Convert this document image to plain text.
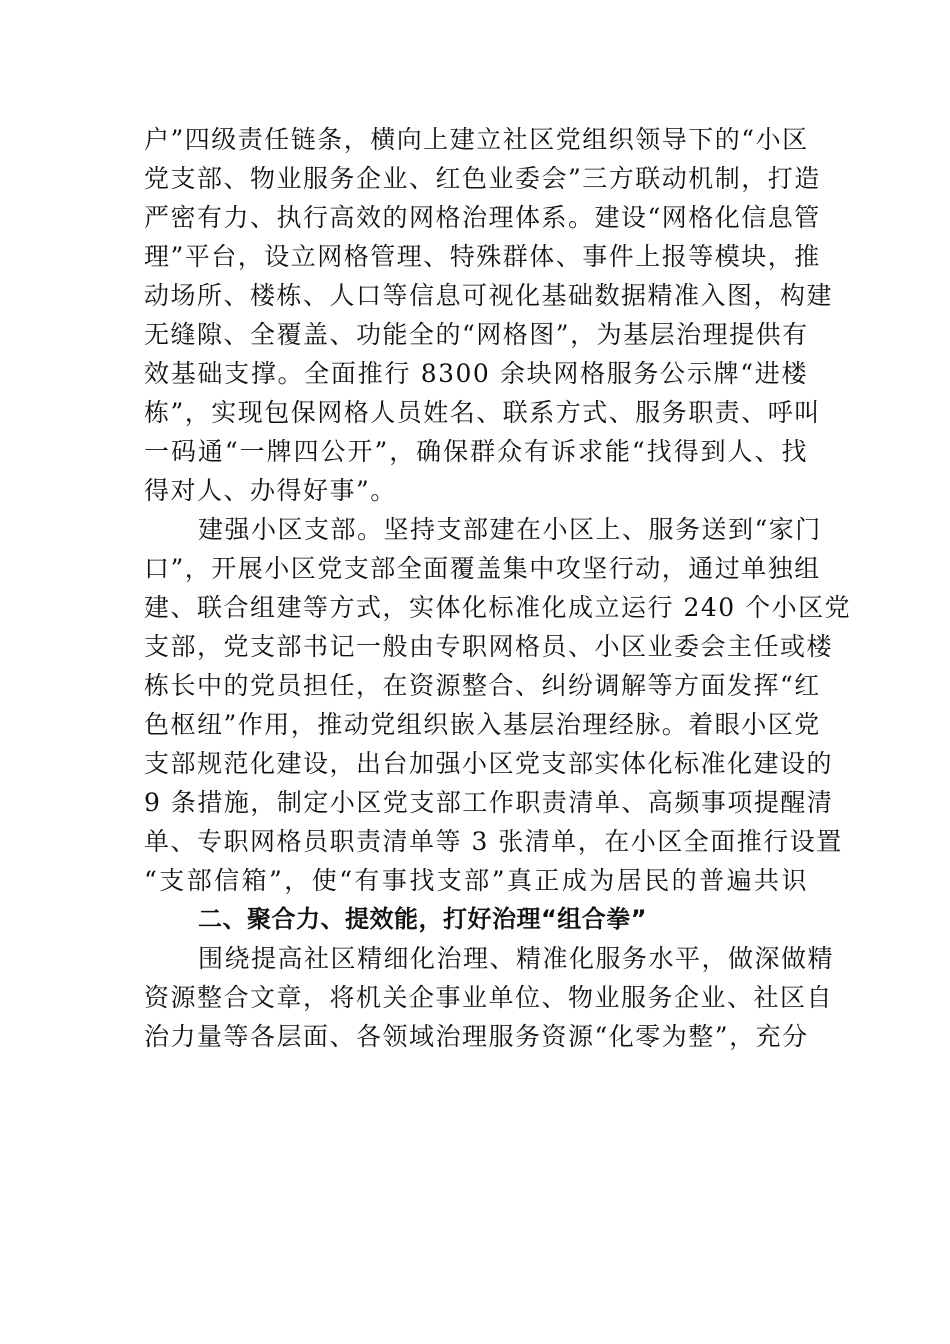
户”四级责任链条，横向上建立社区党组织领导下的“小区
党支部、物业服务企业、红色业委会”三方联动机制，打造
严密有力、执行高效的网格治理体系。建设“网格化信息管
理”平台，设立网格管理、特殊群体、事件上报等模块，推
动场所、楼栋、人口等信息可视化基础数据精准入图，构建
无缝隙、全覆盖、功能全的“网格图”，为基层治理提供有
效基础支撑。全面推行 8300 余块网格服务公示牌“进楼
栋”，实现包保网格人员姓名、联系方式、服务职责、呼叫
一码通“一牌四公开”，确保群众有诉求能“找得到人、找
得对人、办得好事”。
建强小区支部。坚持支部建在小区上、服务送到“家门
口”，开展小区党支部全面覆盖集中攻坚行动，通过单独组
建、联合组建等方式，实体化标准化成立运行 240 个小区党
支部，党支部书记一般由专职网格员、小区业委会主任或楼
栋长中的党员担任，在资源整合、纠纷调解等方面发挥“红
色枢纽”作用，推动党组织嵌入基层治理经脉。着眼小区党
支部规范化建设，出台加强小区党支部实体化标准化建设的
9 条措施，制定小区党支部工作职责清单、高频事项提醒清
单、专职网格员职责清单等 3 张清单，在小区全面推行设置
“支部信箱”，使“有事找支部”真正成为居民的普遍共识
二、聚合力、提效能，打好治理“组合拳”
围绕提高社区精细化治理、精准化服务水平，做深做精
资源整合文章，将机关企事业单位、物业服务企业、社区自
治力量等各层面、各领域治理服务资源“化零为整”，充分
